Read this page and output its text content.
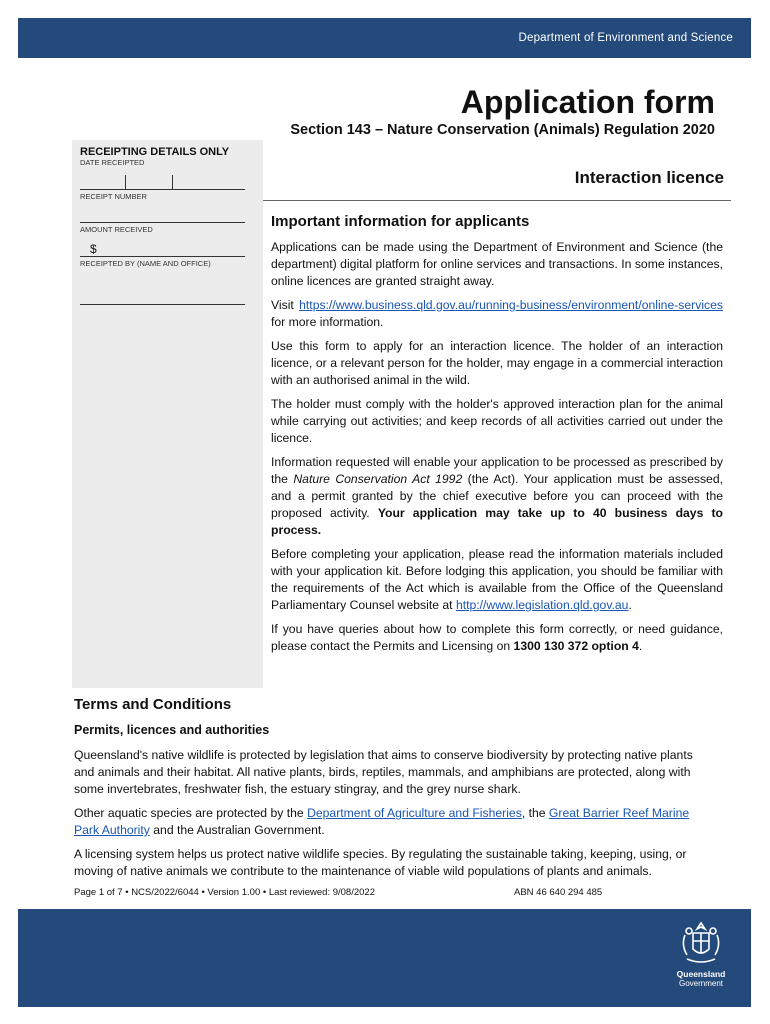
Department of Environment and Science
Application form
Section 143 – Nature Conservation (Animals) Regulation 2020
RECEIPTING DETAILS ONLY
DATE RECEIPTED
RECEIPT NUMBER
AMOUNT RECEIVED
$
RECEIPTED BY (NAME AND OFFICE)
Interaction licence
Important information for applicants

Applications can be made using the Department of Environment and Science (the department) digital platform for online services and transactions. In some instances, online licences are granted straight away.

Visit https://www.business.qld.gov.au/running-business/environment/online-services for more information.

Use this form to apply for an interaction licence. The holder of an interaction licence, or a relevant person for the holder, may engage in a commercial interaction with an authorised animal in the wild.

The holder must comply with the holder's approved interaction plan for the animal while carrying out activities; and keep records of all activities carried out under the licence.

Information requested will enable your application to be processed as prescribed by the Nature Conservation Act 1992 (the Act). Your application must be assessed, and a permit granted by the chief executive before you can proceed with the proposed activity. Your application may take up to 40 business days to process.

Before completing your application, please read the information materials included with your application kit. Before lodging this application, you should be familiar with the requirements of the Act which is available from the Office of the Queensland Parliamentary Counsel website at http://www.legislation.qld.gov.au.

If you have queries about how to complete this form correctly, or need guidance, please contact the Permits and Licensing on 1300 130 372 option 4.

Terms and Conditions
Permits, licences and authorities

Queensland's native wildlife is protected by legislation that aims to conserve biodiversity by protecting native plants and animals and their habitat. All native plants, birds, reptiles, mammals, and amphibians are protected, along with some invertebrates, freshwater fish, the estuary stingray, and the grey nurse shark.

Other aquatic species are protected by the Department of Agriculture and Fisheries, the Great Barrier Reef Marine Park Authority and the Australian Government.

A licensing system helps us protect native wildlife species. By regulating the sustainable taking, keeping, using, or moving of native animals we contribute to the maintenance of viable wild populations of plants and animals.

Page 1 of 7 • NCS/2022/6044 • Version 1.00 • Last reviewed: 9/08/2022	ABN 46 640 294 485
Queensland
Government
